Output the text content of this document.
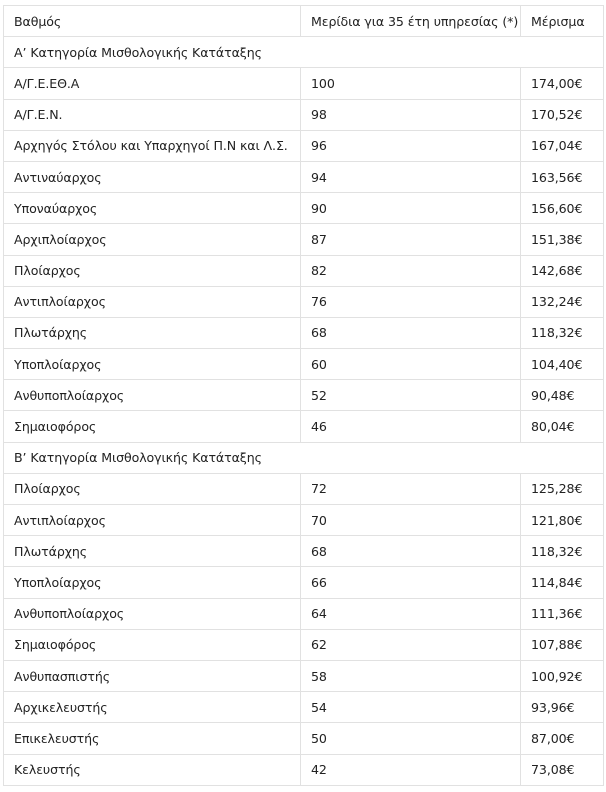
Βαθμός	Μερίδια για 35 έτη υπηρεσίας (*)	Μέρισμα
Α’ Κατηγορία Μισθολογικής Κατάταξης		
Α/Γ.Ε.ΕΘ.Α	100	174,00€
Α/Γ.Ε.Ν.	98	170,52€
Αρχηγός Στόλου και Υπαρχηγοί Π.Ν και Λ.Σ.	96	167,04€
Αντιναύαρχος	94	163,56€
Υποναύαρχος	90	156,60€
Αρχιπλοίαρχος	87	151,38€
Πλοίαρχος	82	142,68€
Αντιπλοίαρχος	76	132,24€
Πλωτάρχης	68	118,32€
Υποπλοίαρχος	60	104,40€
Ανθυποπλοίαρχος	52	90,48€
Σημαιοφόρος	46	80,04€
Β’ Κατηγορία Μισθολογικής Κατάταξης		
Πλοίαρχος	72	125,28€
Αντιπλοίαρχος	70	121,80€
Πλωτάρχης	68	118,32€
Υποπλοίαρχος	66	114,84€
Ανθυποπλοίαρχος	64	111,36€
Σημαιοφόρος	62	107,88€
Ανθυπασπιστής	58	100,92€
Αρχικελευστής	54	93,96€
Επικελευστής	50	87,00€
Κελευστής	42	73,08€
